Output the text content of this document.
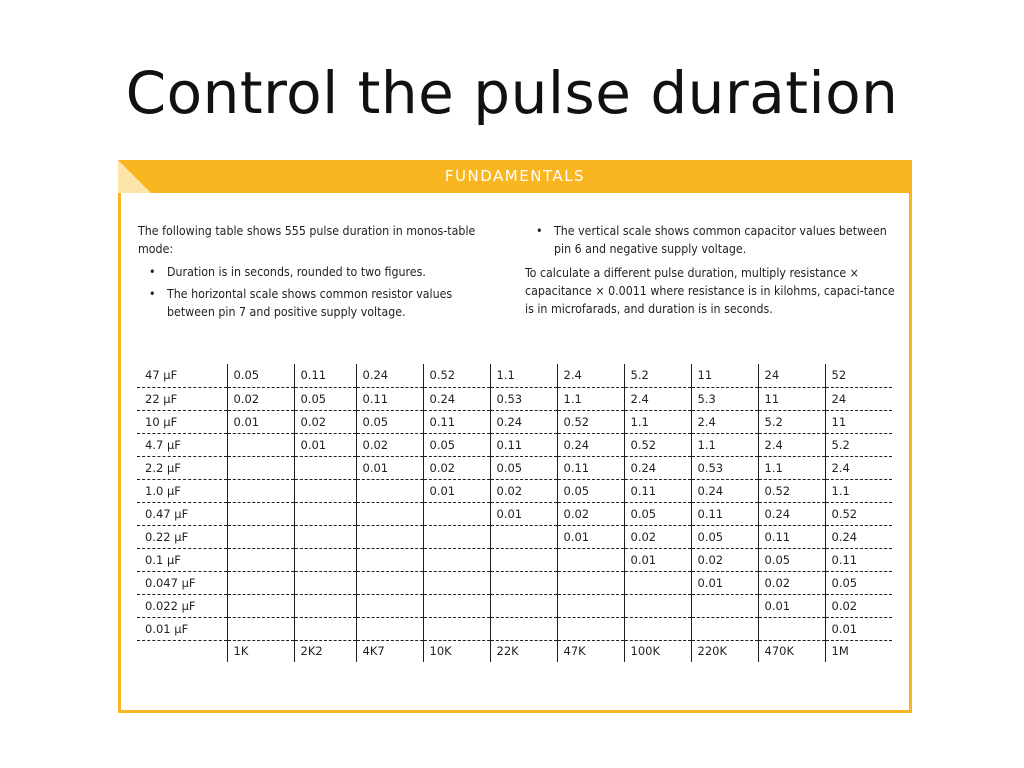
Control the pulse duration
FUNDAMENTALS

The following table shows 555 pulse duration in monos-table mode:

• Duration is in seconds, rounded to two figures.
• The horizontal scale shows common resistor values between pin 7 and positive supply voltage.
• The vertical scale shows common capacitor values between pin 6 and negative supply voltage.

To calculate a different pulse duration, multiply resistance × capacitance × 0.0011 where resistance is in kilohms, capaci-tance is in microfarads, and duration is in seconds.

47 µF	0.05	0.11	0.24	0.52	1.1	2.4	5.2	11	24	52
22 µF	0.02	0.05	0.11	0.24	0.53	1.1	2.4	5.3	11	24
10 µF	0.01	0.02	0.05	0.11	0.24	0.52	1.1	2.4	5.2	11
4.7 µF		0.01	0.02	0.05	0.11	0.24	0.52	1.1	2.4	5.2
2.2 µF			0.01	0.02	0.05	0.11	0.24	0.53	1.1	2.4
1.0 µF				0.01	0.02	0.05	0.11	0.24	0.52	1.1
0.47 µF					0.01	0.02	0.05	0.11	0.24	0.52
0.22 µF						0.01	0.02	0.05	0.11	0.24
0.1 µF							0.01	0.02	0.05	0.11
0.047 µF								0.01	0.02	0.05
0.022 µF									0.01	0.02
0.01 µF										0.01
	1K	2K2	4K7	10K	22K	47K	100K	220K	470K	1M
